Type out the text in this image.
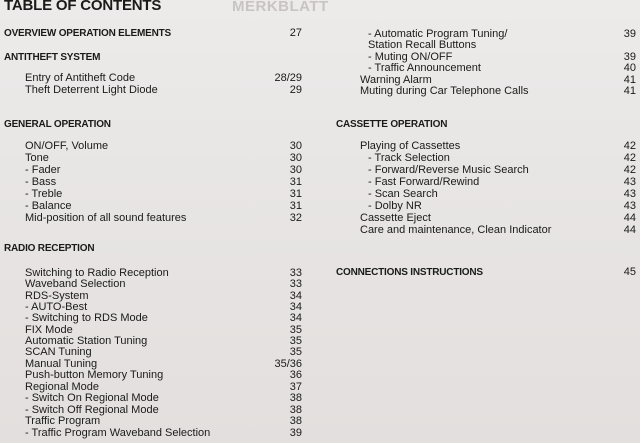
MERKBLATT
TABLE OF CONTENTS
OVERVIEW OPERATION ELEMENTS	27
ANTITHEFT SYSTEM
Entry of Antitheft Code	28/29
Theft Deterrent Light Diode	29
GENERAL OPERATION
ON/OFF, Volume	30
Tone	30
- Fader	30
- Bass	31
- Treble	31
- Balance	31
Mid-position of all sound features	32
RADIO RECEPTION
Switching to Radio Reception	33
Waveband Selection	33
RDS-System	34
- AUTO-Best	34
- Switching to RDS Mode	34
FIX Mode	35
Automatic Station Tuning	35
SCAN Tuning	35
Manual Tuning	35/36
Push-button Memory Tuning	36
Regional Mode	37
- Switch On Regional Mode	38
- Switch Off Regional Mode	38
Traffic Program	38
- Traffic Program Waveband Selection	39
- Automatic Program Tuning/	39
Station Recall Buttons
- Muting ON/OFF	39
- Traffic Announcement	40
Warning Alarm	41
Muting during Car Telephone Calls	41
CASSETTE OPERATION
Playing of Cassettes	42
- Track Selection	42
- Forward/Reverse Music Search	42
- Fast Forward/Rewind	43
- Scan Search	43
- Dolby NR	43
Cassette Eject	44
Care and maintenance, Clean Indicator	44
CONNECTIONS INSTRUCTIONS	45
